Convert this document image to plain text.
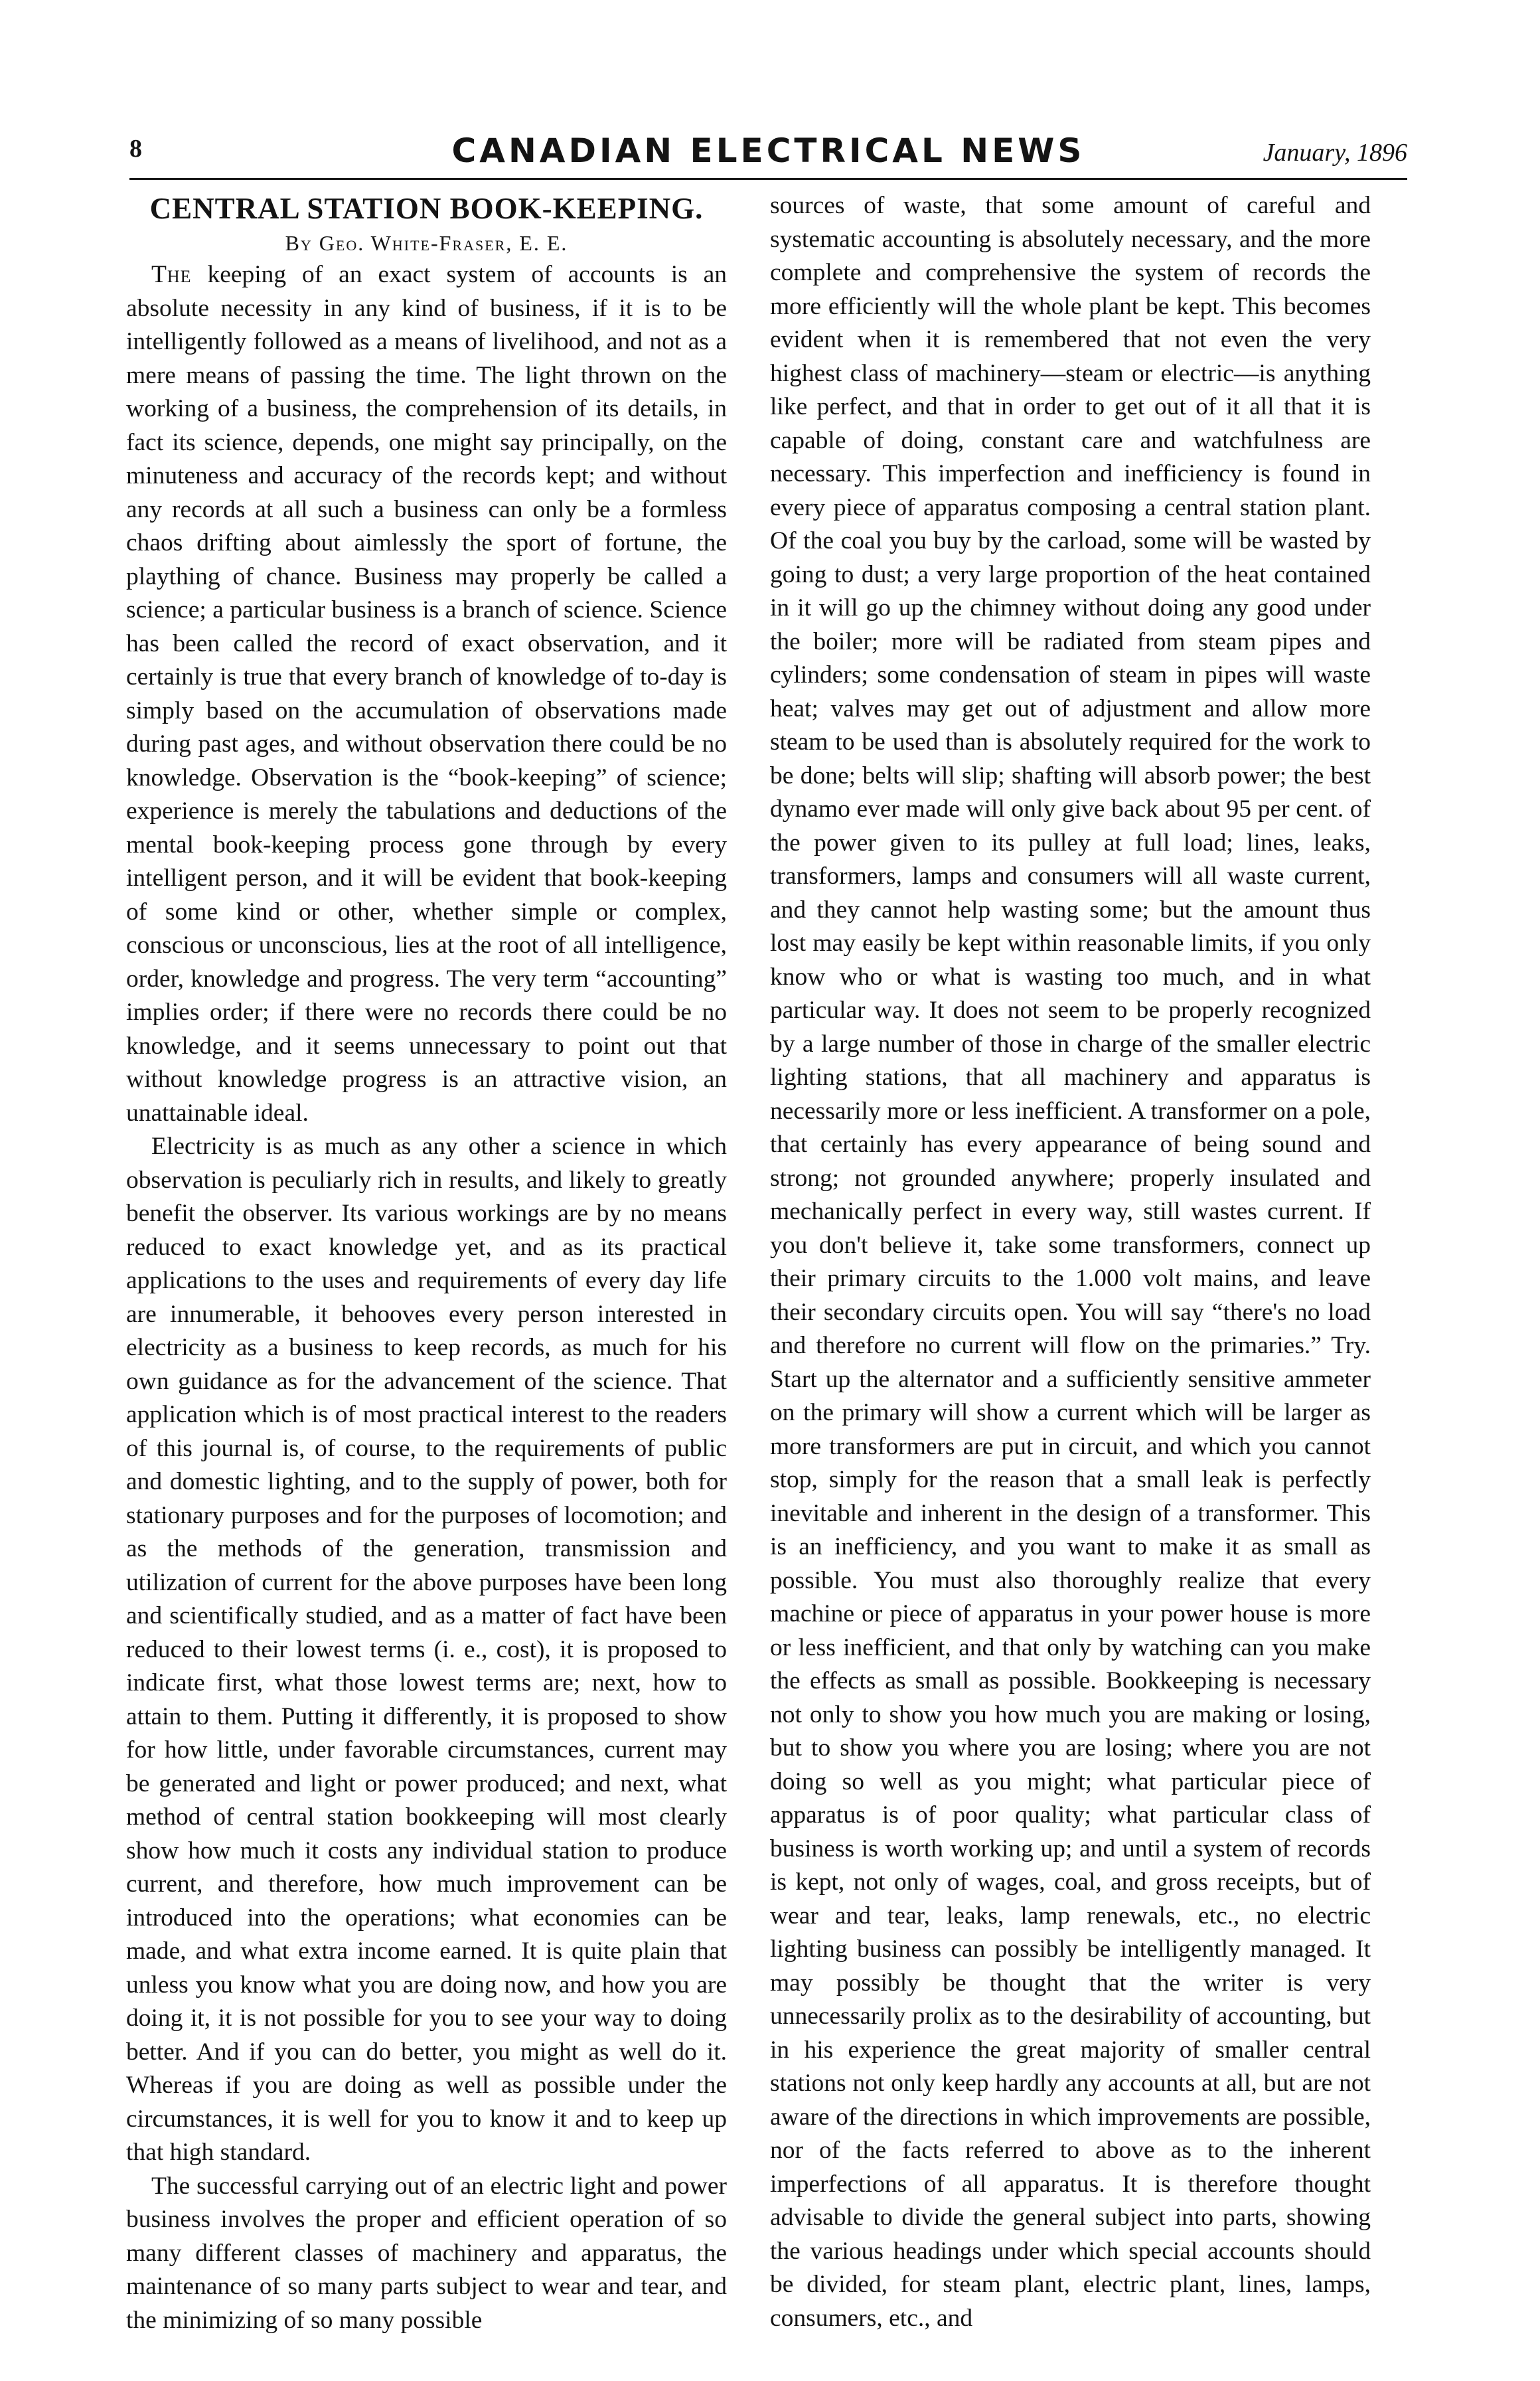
8	CANADIAN ELECTRICAL NEWS	January, 1896
CENTRAL STATION BOOK-KEEPING.
By Geo. White-Fraser, E. E.

The keeping of an exact system of accounts is an absolute necessity in any kind of business, if it is to be intelligently followed as a means of livelihood, and not as a mere means of passing the time. The light thrown on the working of a business, the comprehension of its details, in fact its science, depends, one might say principally, on the minuteness and accuracy of the records kept; and without any records at all such a business can only be a formless chaos drifting about aimlessly the sport of fortune, the plaything of chance. Business may properly be called a science; a particular business is a branch of science. Science has been called the record of exact observation, and it certainly is true that every branch of knowledge of to-day is simply based on the accumulation of observations made during past ages, and without observation there could be no knowledge. Observation is the “book-keeping” of science; experience is merely the tabulations and deductions of the mental book-keeping process gone through by every intelligent person, and it will be evident that book-keeping of some kind or other, whether simple or complex, conscious or unconscious, lies at the root of all intelligence, order, knowledge and progress. The very term “accounting” implies order; if there were no records there could be no knowledge, and it seems unnecessary to point out that without knowledge progress is an attractive vision, an unattainable ideal.

Electricity is as much as any other a science in which observation is peculiarly rich in results, and likely to greatly benefit the observer. Its various workings are by no means reduced to exact knowledge yet, and as its practical applications to the uses and requirements of every day life are innumerable, it behooves every person interested in electricity as a business to keep records, as much for his own guidance as for the advancement of the science. That application which is of most practical interest to the readers of this journal is, of course, to the requirements of public and domestic lighting, and to the supply of power, both for stationary purposes and for the purposes of locomotion; and as the methods of the generation, transmission and utilization of current for the above purposes have been long and scientifically studied, and as a matter of fact have been reduced to their lowest terms (i. e., cost), it is proposed to indicate first, what those lowest terms are; next, how to attain to them. Putting it differently, it is proposed to show for how little, under favorable circumstances, current may be generated and light or power produced; and next, what method of central station bookkeeping will most clearly show how much it costs any individual station to produce current, and therefore, how much improvement can be introduced into the operations; what economies can be made, and what extra income earned. It is quite plain that unless you know what you are doing now, and how you are doing it, it is not possible for you to see your way to doing better. And if you can do better, you might as well do it. Whereas if you are doing as well as possible under the circumstances, it is well for you to know it and to keep up that high standard.

The successful carrying out of an electric light and power business involves the proper and efficient operation of so many different classes of machinery and apparatus, the maintenance of so many parts subject to wear and tear, and the minimizing of so many possible

sources of waste, that some amount of careful and systematic accounting is absolutely necessary, and the more complete and comprehensive the system of records the more efficiently will the whole plant be kept. This becomes evident when it is remembered that not even the very highest class of machinery—steam or electric—is anything like perfect, and that in order to get out of it all that it is capable of doing, constant care and watchfulness are necessary. This imperfection and inefficiency is found in every piece of apparatus composing a central station plant. Of the coal you buy by the carload, some will be wasted by going to dust; a very large proportion of the heat contained in it will go up the chimney without doing any good under the boiler; more will be radiated from steam pipes and cylinders; some condensation of steam in pipes will waste heat; valves may get out of adjustment and allow more steam to be used than is absolutely required for the work to be done; belts will slip; shafting will absorb power; the best dynamo ever made will only give back about 95 per cent. of the power given to its pulley at full load; lines, leaks, transformers, lamps and consumers will all waste current, and they cannot help wasting some; but the amount thus lost may easily be kept within reasonable limits, if you only know who or what is wasting too much, and in what particular way. It does not seem to be properly recognized by a large number of those in charge of the smaller electric lighting stations, that all machinery and apparatus is necessarily more or less inefficient. A transformer on a pole, that certainly has every appearance of being sound and strong; not grounded anywhere; properly insulated and mechanically perfect in every way, still wastes current. If you don't believe it, take some transformers, connect up their primary circuits to the 1.000 volt mains, and leave their secondary circuits open. You will say “there's no load and therefore no current will flow on the primaries.” Try. Start up the alternator and a sufficiently sensitive ammeter on the primary will show a current which will be larger as more transformers are put in circuit, and which you cannot stop, simply for the reason that a small leak is perfectly inevitable and inherent in the design of a transformer. This is an inefficiency, and you want to make it as small as possible. You must also thoroughly realize that every machine or piece of apparatus in your power house is more or less inefficient, and that only by watching can you make the effects as small as possible. Bookkeeping is necessary not only to show you how much you are making or losing, but to show you where you are losing; where you are not doing so well as you might; what particular piece of apparatus is of poor quality; what particular class of business is worth working up; and until a system of records is kept, not only of wages, coal, and gross receipts, but of wear and tear, leaks, lamp renewals, etc., no electric lighting business can possibly be intelligently managed. It may possibly be thought that the writer is very unnecessarily prolix as to the desirability of accounting, but in his experience the great majority of smaller central stations not only keep hardly any accounts at all, but are not aware of the directions in which improvements are possible, nor of the facts referred to above as to the inherent imperfections of all apparatus. It is therefore thought advisable to divide the general subject into parts, showing the various headings under which special accounts should be divided, for steam plant, electric plant, lines, lamps, consumers, etc., and
